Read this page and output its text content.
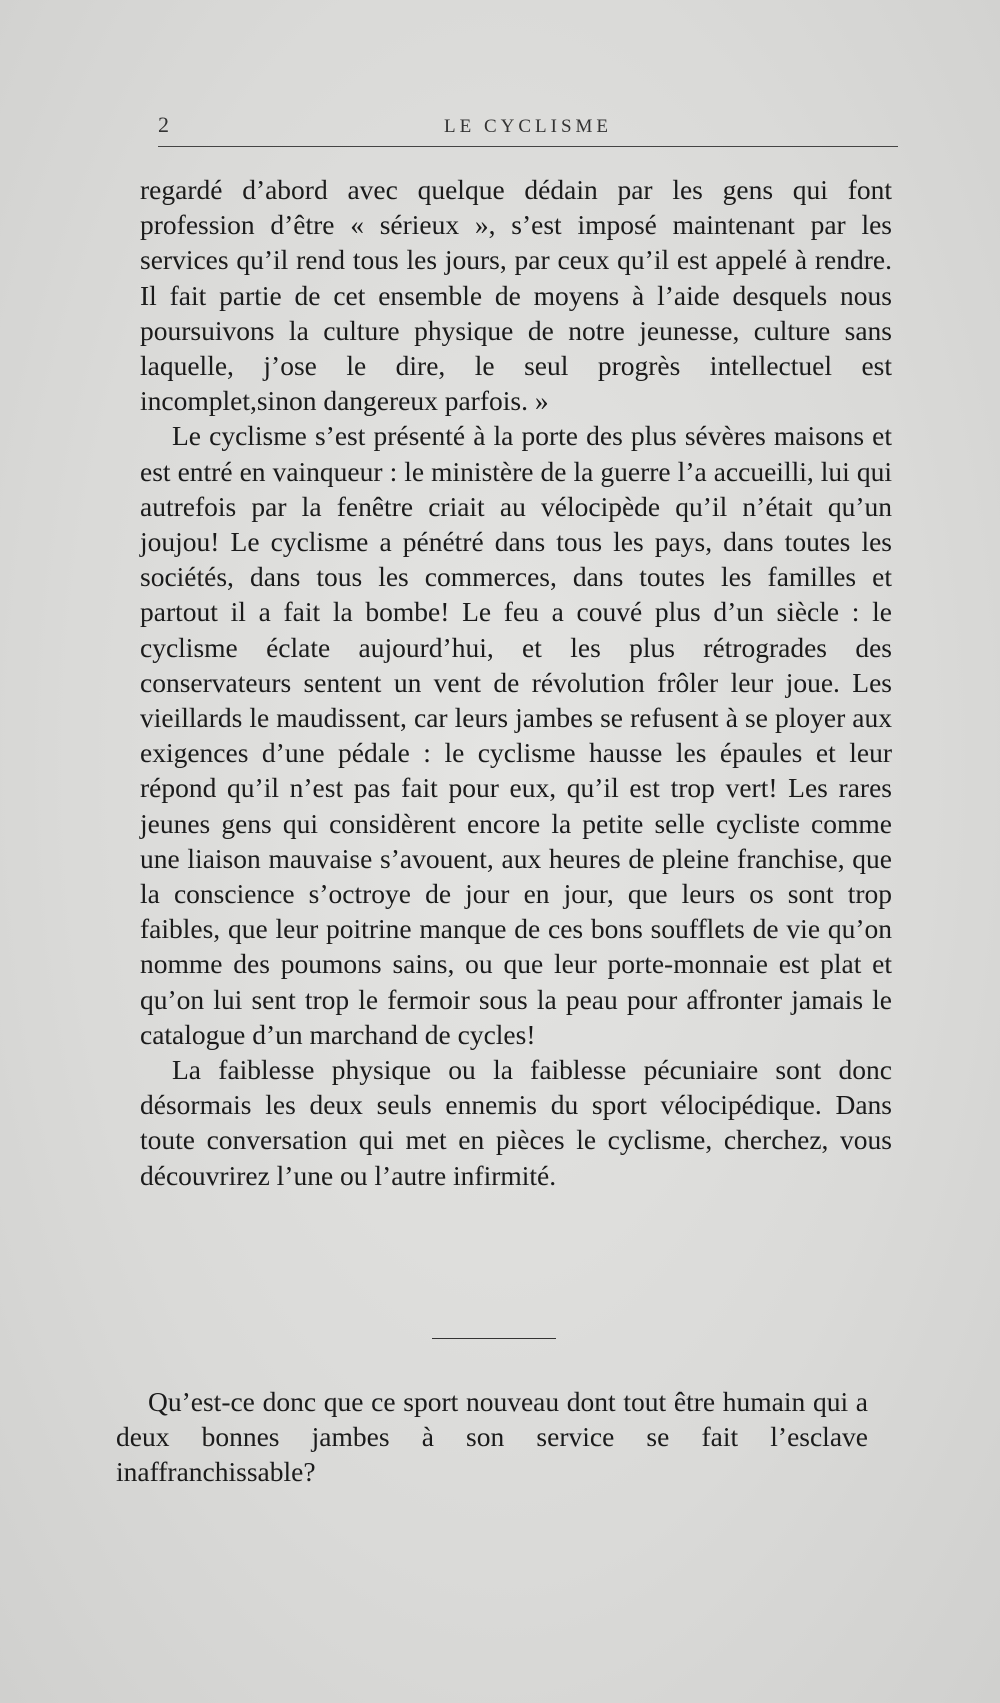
2	LE CYCLISME

regardé d’abord avec quelque dédain par les gens qui font profession d’être « sérieux », s’est imposé maintenant par les services qu’il rend tous les jours, par ceux qu’il est appelé à rendre. Il fait partie de cet ensemble de moyens à l’aide desquels nous poursuivons la culture physique de notre jeunesse, culture sans laquelle, j’ose le dire, le seul progrès intellectuel est incomplet,sinon dangereux parfois. »

Le cyclisme s’est présenté à la porte des plus sévères maisons et est entré en vainqueur : le ministère de la guerre l’a accueilli, lui qui autrefois par la fenêtre criait au vélocipède qu’il n’était qu’un joujou! Le cyclisme a pénétré dans tous les pays, dans toutes les sociétés, dans tous les commerces, dans toutes les familles et partout il a fait la bombe! Le feu a couvé plus d’un siècle : le cyclisme éclate aujourd’hui, et les plus rétrogrades des conservateurs sentent un vent de révolution frôler leur joue. Les vieillards le maudissent, car leurs jambes se refusent à se ployer aux exigences d’une pédale : le cyclisme hausse les épaules et leur répond qu’il n’est pas fait pour eux, qu’il est trop vert! Les rares jeunes gens qui considèrent encore la petite selle cycliste comme une liaison mauvaise s’avouent, aux heures de pleine franchise, que la conscience s’octroye de jour en jour, que leurs os sont trop faibles, que leur poitrine manque de ces bons soufflets de vie qu’on nomme des poumons sains, ou que leur porte-monnaie est plat et qu’on lui sent trop le fermoir sous la peau pour affronter jamais le catalogue d’un marchand de cycles!

La faiblesse physique ou la faiblesse pécuniaire sont donc désormais les deux seuls ennemis du sport vélocipédique. Dans toute conversation qui met en pièces le cyclisme, cherchez, vous découvrirez l’une ou l’autre infirmité.

Qu’est-ce donc que ce sport nouveau dont tout être humain qui a deux bonnes jambes à son service se fait l’esclave inaffranchissable?
